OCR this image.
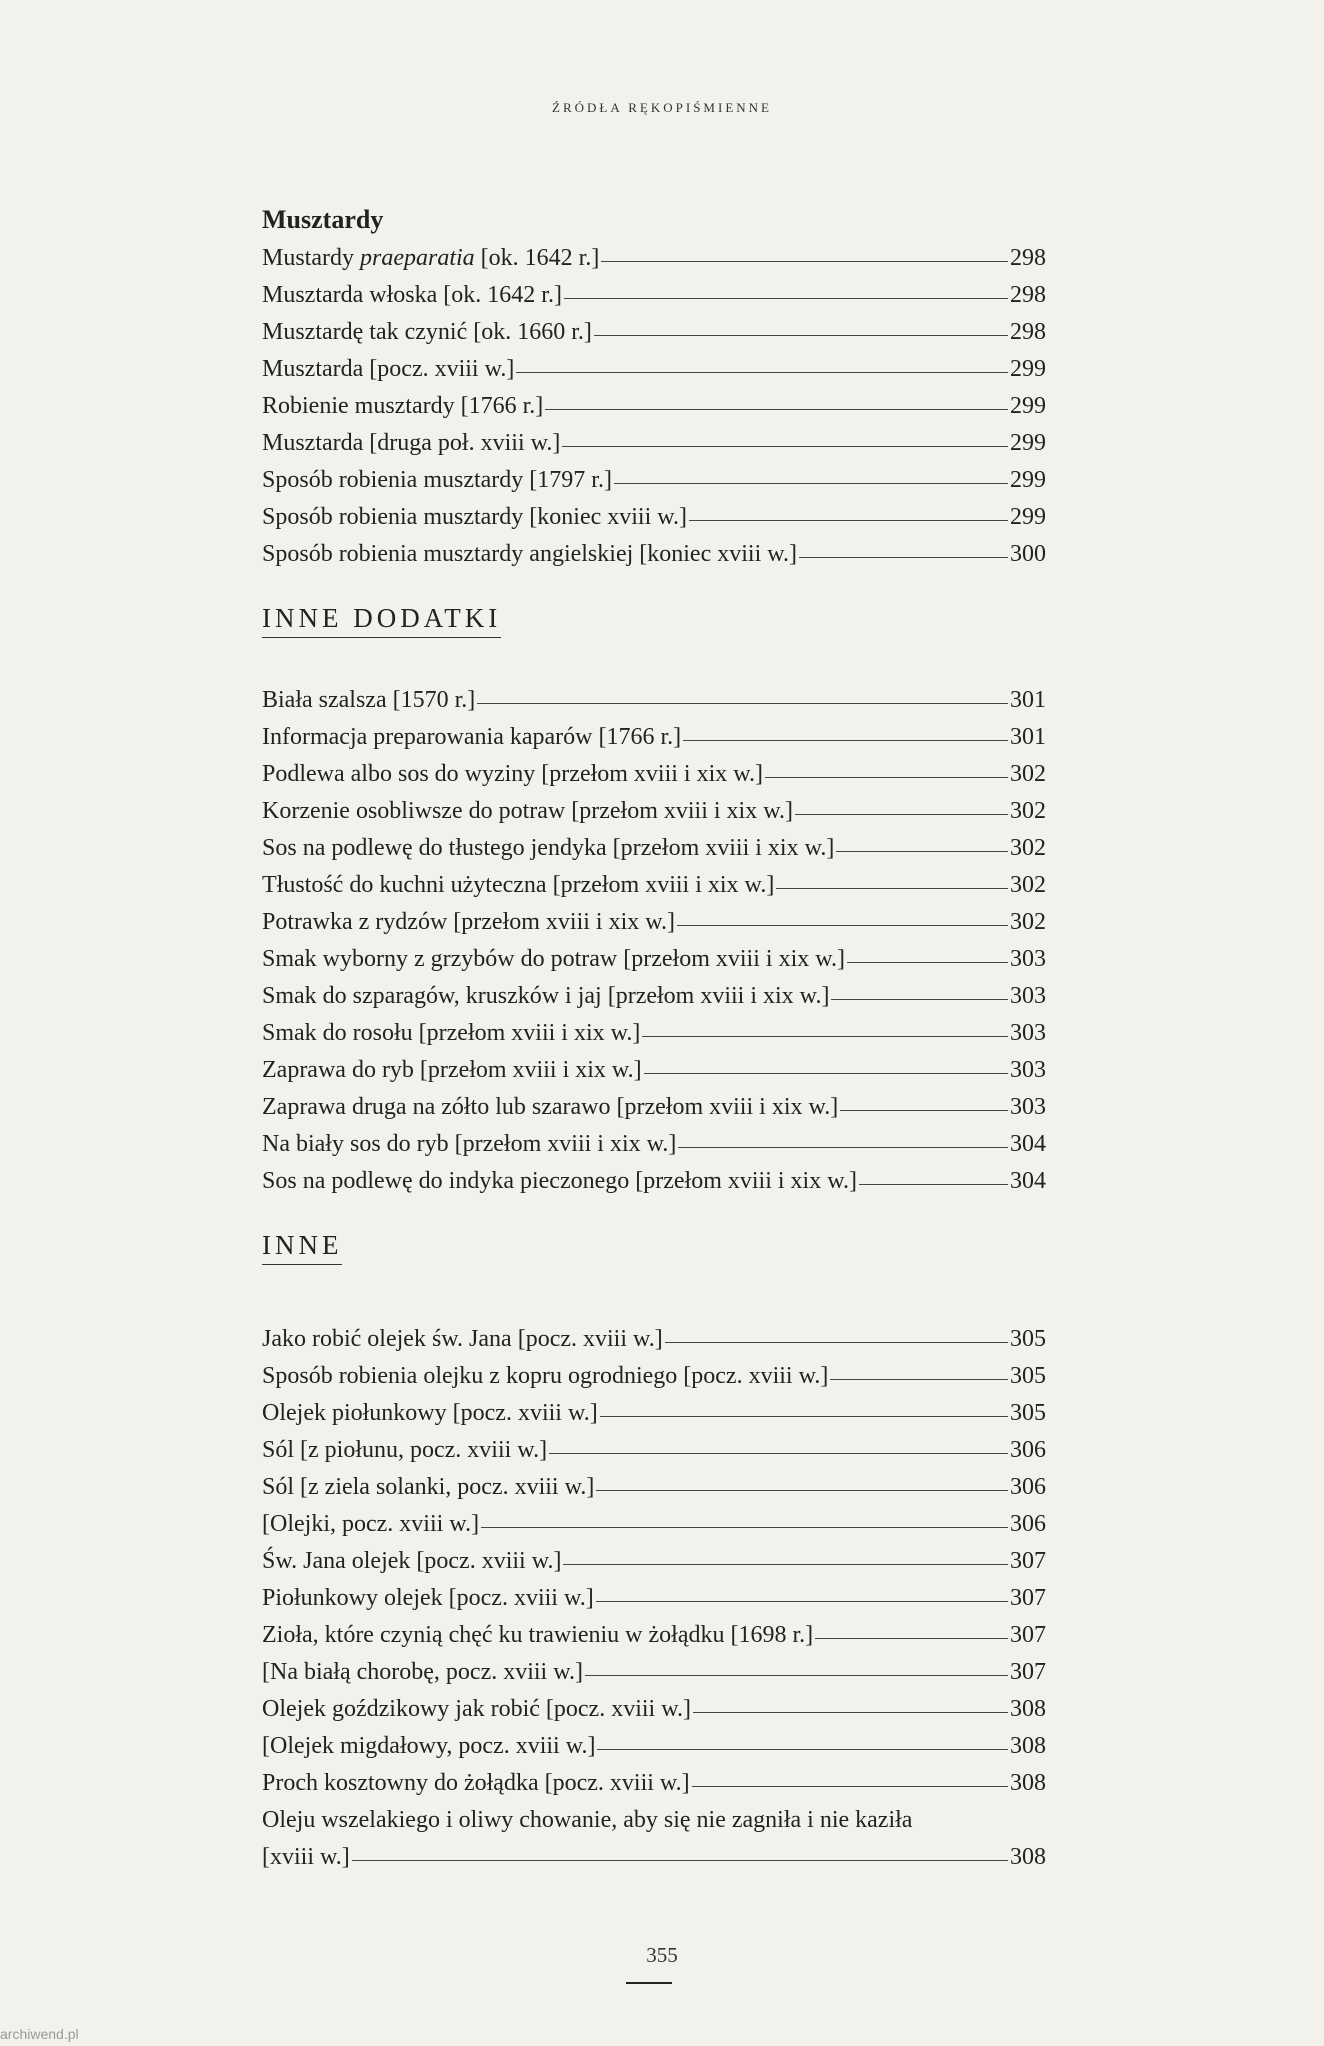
ŹRÓDŁA RĘKOPIŚMIENNE
Musztardy
Mustardy praeparatia [ok. 1642 r.]	298
Musztarda włoska [ok. 1642 r.]	298
Musztardę tak czynić [ok. 1660 r.]	298
Musztarda [pocz. xviii w.]	299
Robienie musztardy [1766 r.]	299
Musztarda [druga poł. xviii w.]	299
Sposób robienia musztardy [1797 r.]	299
Sposób robienia musztardy [koniec xviii w.]	299
Sposób robienia musztardy angielskiej [koniec xviii w.]	300
INNE DODATKI
Biała szalsza [1570 r.]	301
Informacja preparowania kaparów [1766 r.]	301
Podlewa albo sos do wyziny [przełom xviii i xix w.]	302
Korzenie osobliwsze do potraw [przełom xviii i xix w.]	302
Sos na podlewę do tłustego jendyka [przełom xviii i xix w.]	302
Tłustość do kuchni użyteczna [przełom xviii i xix w.]	302
Potrawka z rydzów [przełom xviii i xix w.]	302
Smak wyborny z grzybów do potraw [przełom xviii i xix w.]	303
Smak do szparagów, kruszków i jaj [przełom xviii i xix w.]	303
Smak do rosołu [przełom xviii i xix w.]	303
Zaprawa do ryb [przełom xviii i xix w.]	303
Zaprawa druga na zółto lub szarawo [przełom xviii i xix w.]	303
Na biały sos do ryb [przełom xviii i xix w.]	304
Sos na podlewę do indyka pieczonego [przełom xviii i xix w.]	304
INNE
Jako robić olejek św. Jana [pocz. xviii w.]	305
Sposób robienia olejku z kopru ogrodniego [pocz. xviii w.]	305
Olejek piołunkowy [pocz. xviii w.]	305
Sól [z piołunu, pocz. xviii w.]	306
Sól [z ziela solanki, pocz. xviii w.]	306
[Olejki, pocz. xviii w.]	306
Św. Jana olejek [pocz. xviii w.]	307
Piołunkowy olejek [pocz. xviii w.]	307
Zioła, które czynią chęć ku trawieniu w żołądku [1698 r.]	307
[Na białą chorobę, pocz. xviii w.]	307
Olejek goździkowy jak robić [pocz. xviii w.]	308
[Olejek migdałowy, pocz. xviii w.]	308
Proch kosztowny do żołądka [pocz. xviii w.]	308
Oleju wszelakiego i oliwy chowanie, aby się nie zagniła i nie kaziła
[xviii w.]	308
355
archiwend.pl
